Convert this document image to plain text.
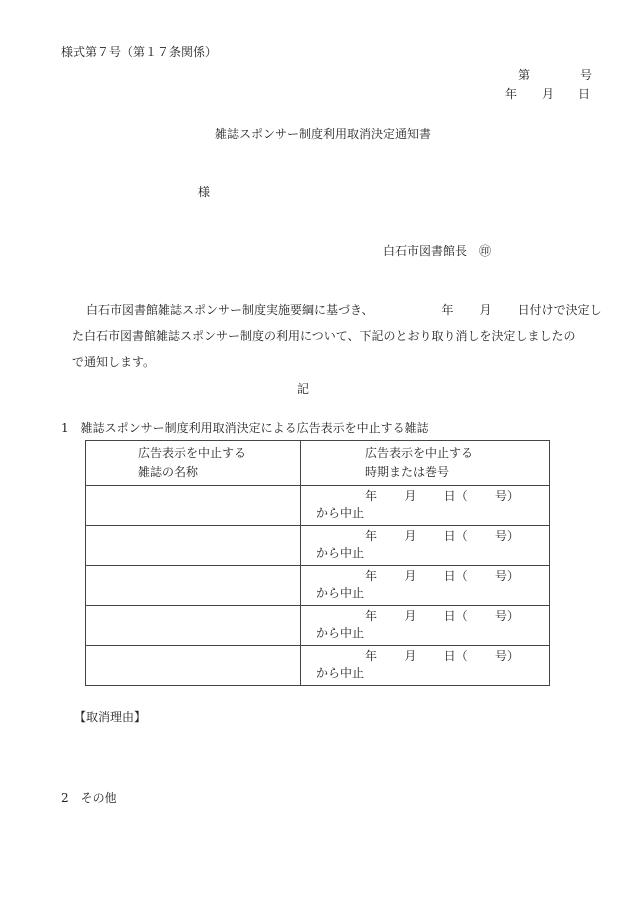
様式第７号（第１７条関係）
第	号
年 月 日
雑誌スポンサー制度利用取消決定通知書
様
白石市図書館長　㊞
白石市図書館雑誌スポンサー制度実施要綱に基づき、	年 月 日付けで決定し
た白石市図書館雑誌スポンサー制度の利用について、下記のとおり取り消しを決定しましたの
で通知します。
記
1　雑誌スポンサー制度利用取消決定による広告表示を中止する雑誌
広告表示を中止する
雑誌の名称	広告表示を中止する
時期または巻号

	年 月 日（ 号）
から中止

	年 月 日（ 号）
から中止

	年 月 日（ 号）
から中止

	年 月 日（ 号）
から中止

	年 月 日（ 号）
から中止
【取消理由】
2　その他
